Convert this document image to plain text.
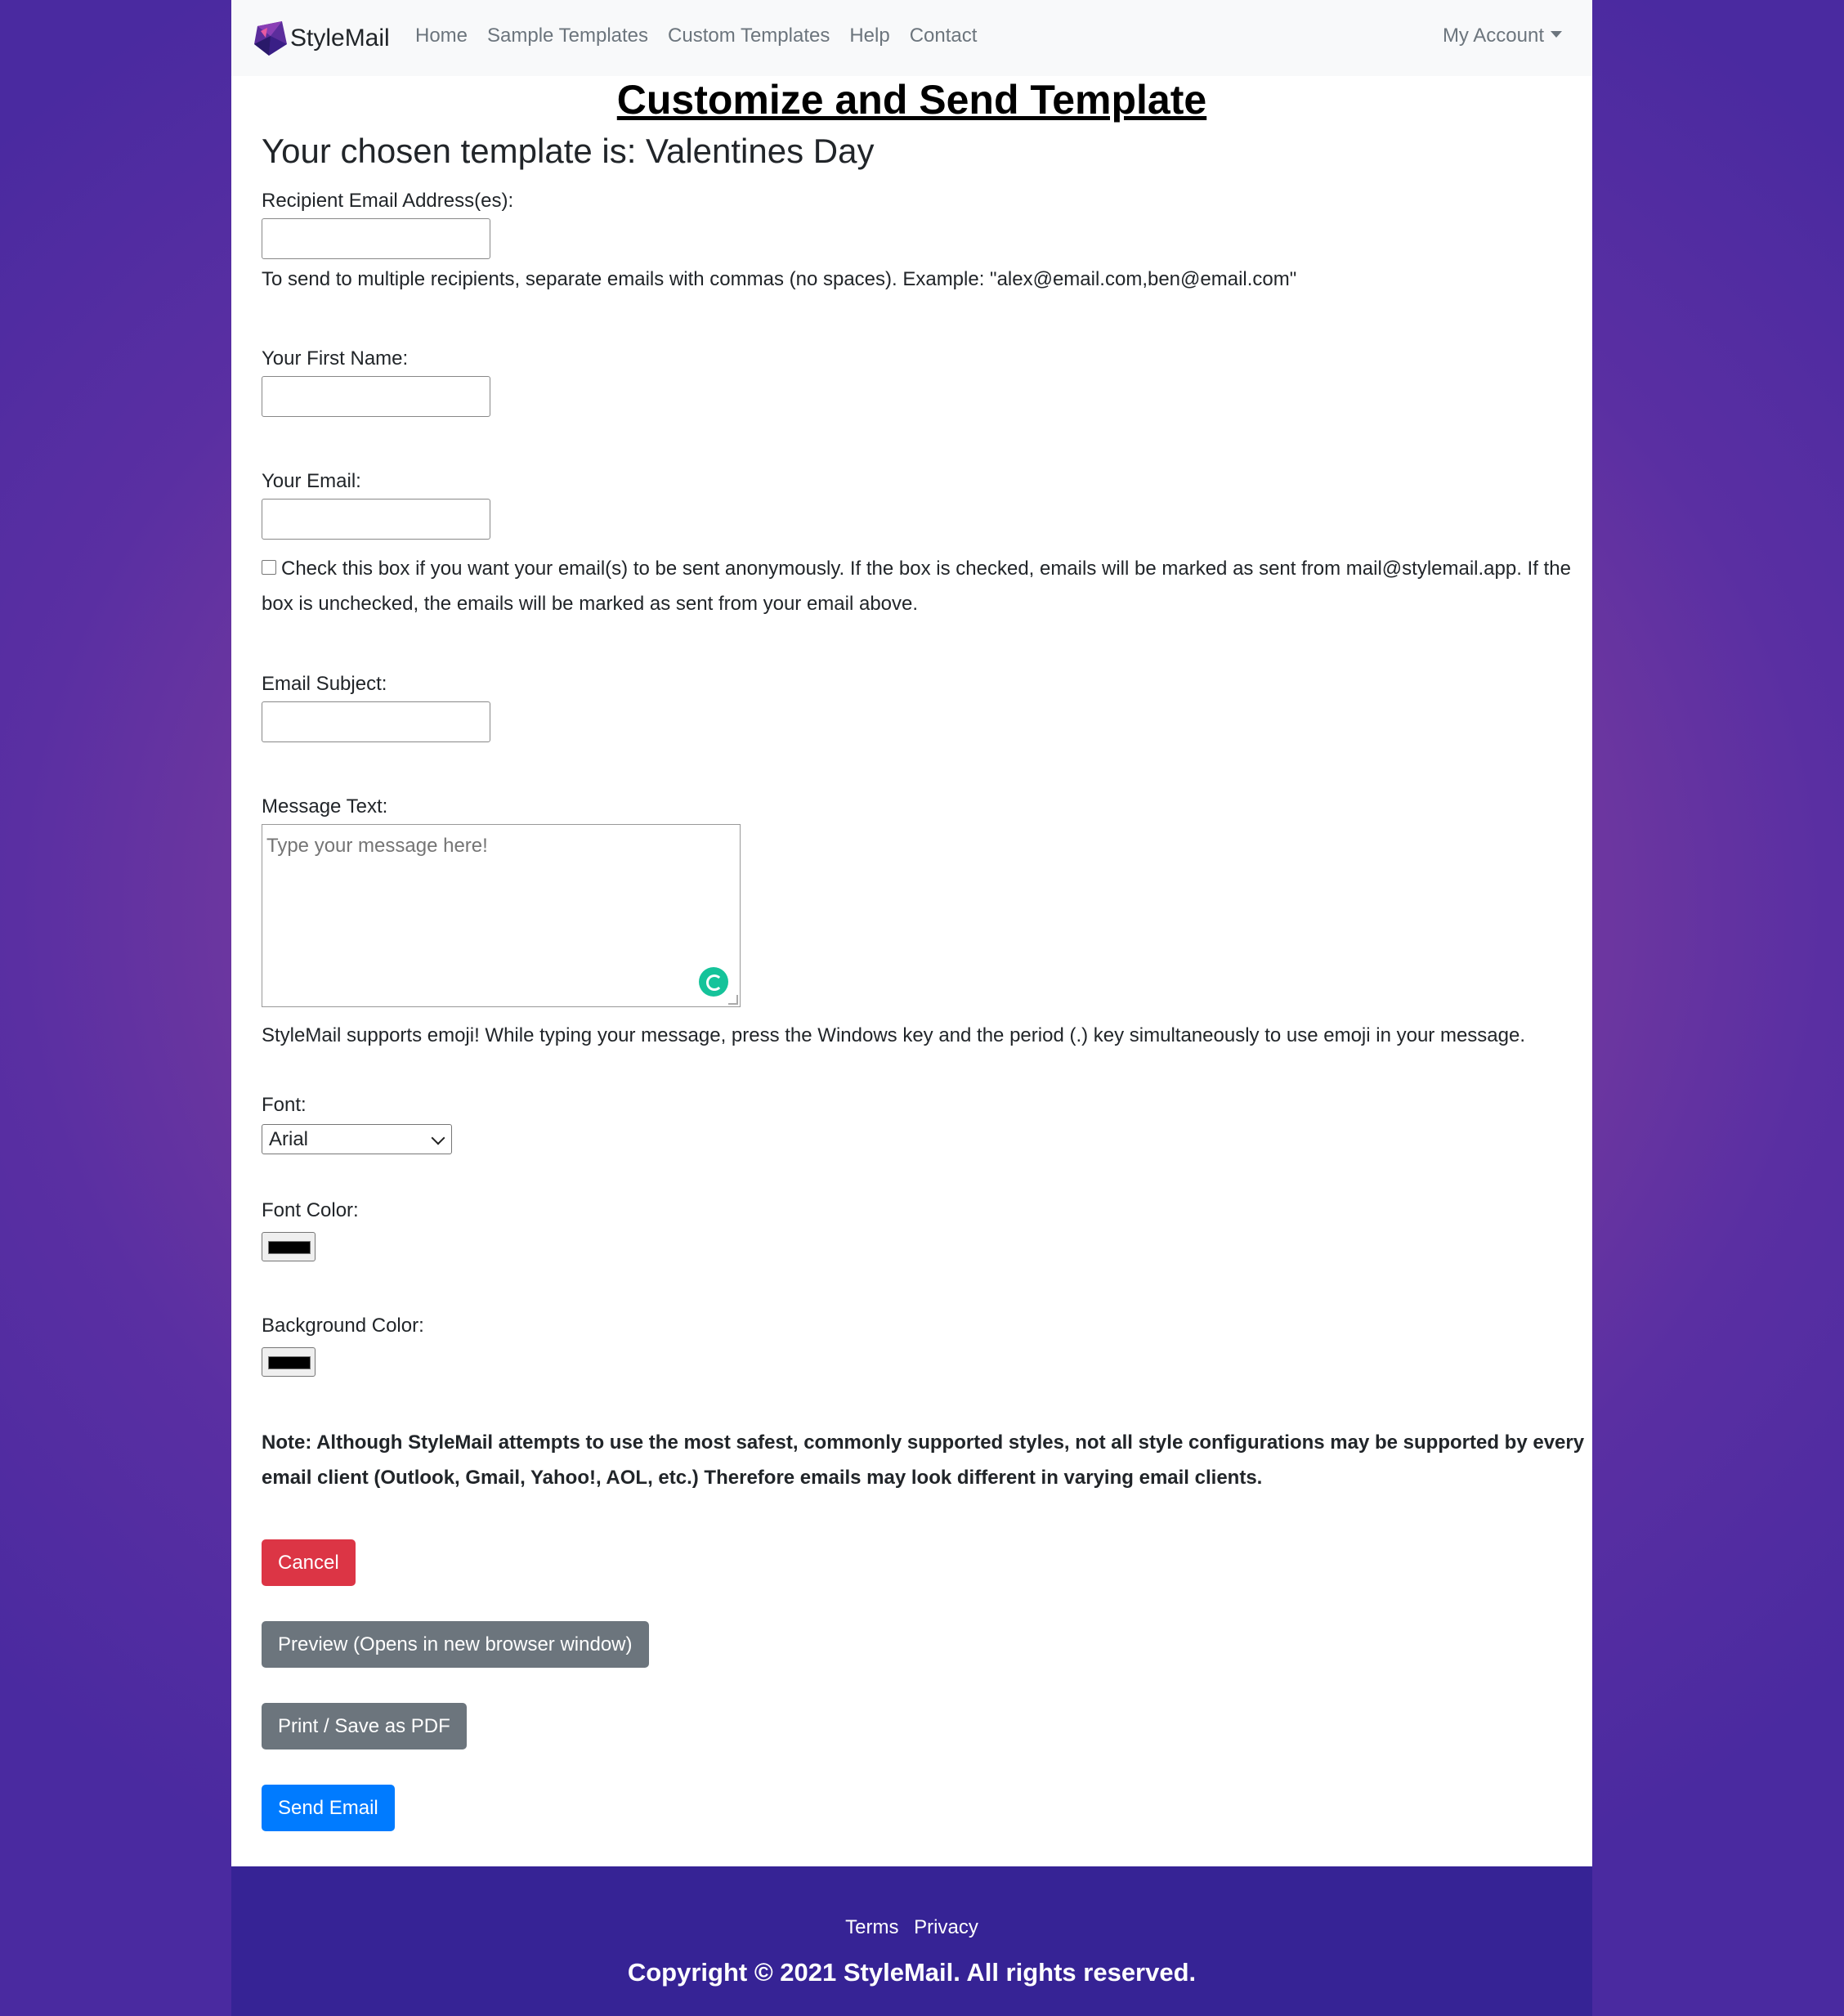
StyleMail Home Sample Templates Custom Templates Help Contact	My Account
Customize and Send Template
Your chosen template is: Valentines Day
Recipient Email Address(es):
To send to multiple recipients, separate emails with commas (no spaces). Example: "alex@email.com,ben@email.com"
Your First Name:
Your Email:
Check this box if you want your email(s) to be sent anonymously. If the box is checked, emails will be marked as sent from mail@stylemail.app. If the box is unchecked, the emails will be marked as sent from your email above.
Email Subject:
Message Text:
Type your message here!
StyleMail supports emoji! While typing your message, press the Windows key and the period (.) key simultaneously to use emoji in your message.
Font:
Arial
Font Color:
Background Color:
Note: Although StyleMail attempts to use the most safest, commonly supported styles, not all style configurations may be supported by every email client (Outlook, Gmail, Yahoo!, AOL, etc.) Therefore emails may look different in varying email clients.
Cancel
Preview (Opens in new browser window)
Print / Save as PDF
Send Email
Terms Privacy
Copyright © 2021 StyleMail. All rights reserved.
